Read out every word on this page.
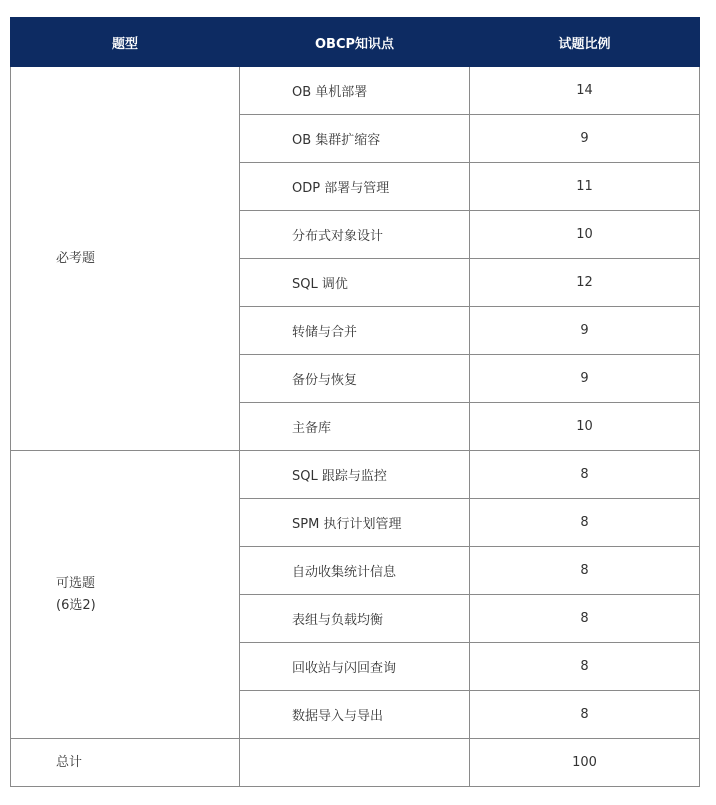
题型	OBCP知识点	试题比例

必考题	OB 单机部署	14
	OB 集群扩缩容	9
	ODP 部署与管理	11
	分布式对象设计	10
	SQL 调优	12
	转储与合并	9
	备份与恢复	9
	主备库	10

可选题
(6选2)	SQL 跟踪与监控	8
	SPM 执行计划管理	8
	自动收集统计信息	8
	表组与负载均衡	8
	回收站与闪回查询	8
	数据导入与导出	8
总计		100
